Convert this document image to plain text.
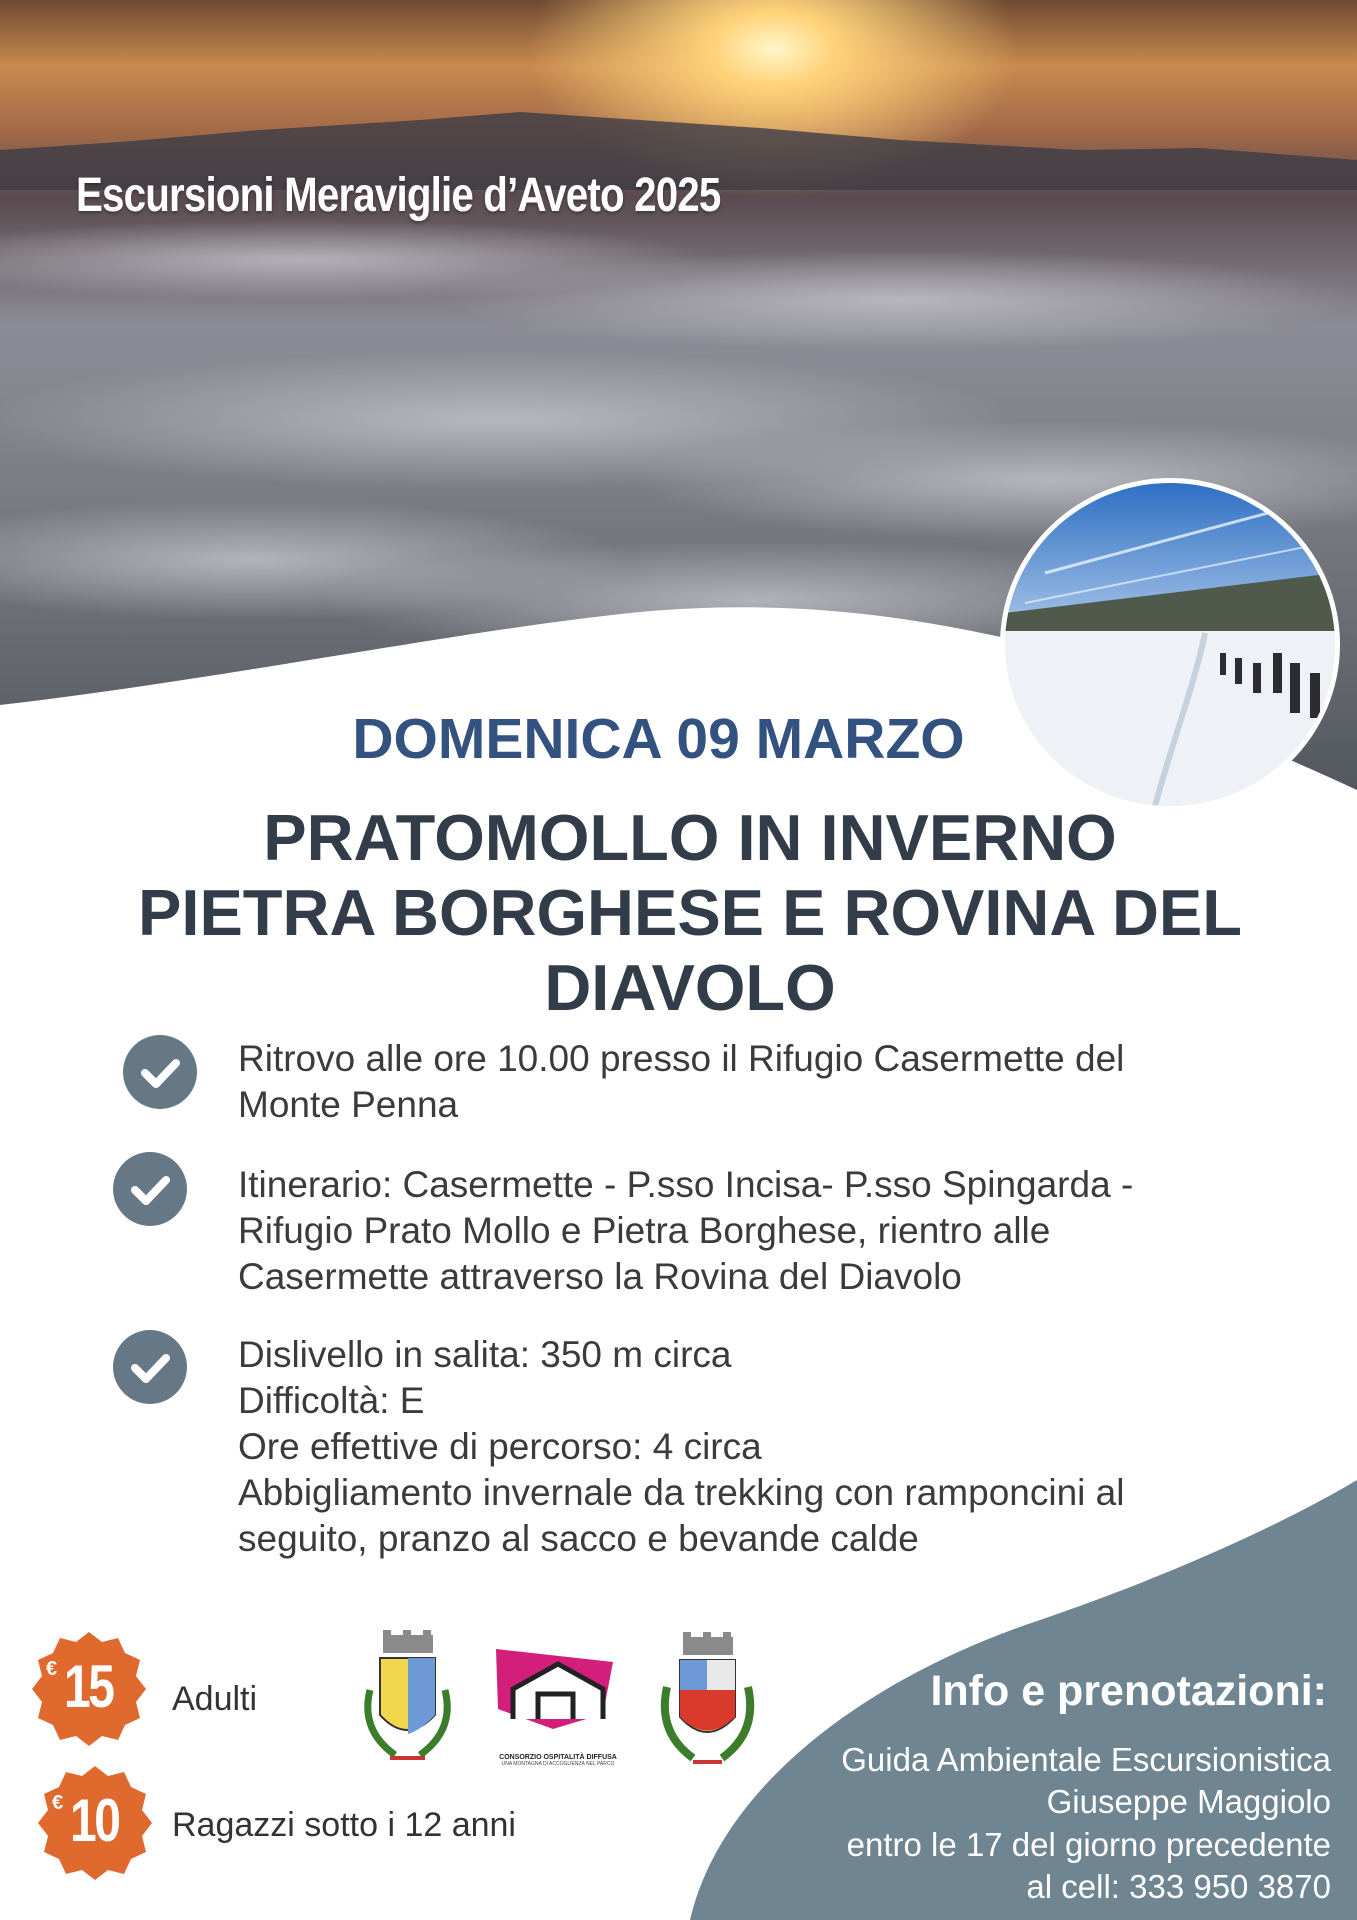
Escursioni Meraviglie d’Aveto 2025
DOMENICA 09 MARZO
PRATOMOLLO IN INVERNO
PIETRA BORGHESE E ROVINA DEL
DIAVOLO
Ritrovo alle ore 10.00 presso il Rifugio Casermette del
Monte Penna
Itinerario: Casermette - P.sso Incisa- P.sso Spingarda -
Rifugio Prato Mollo e Pietra Borghese, rientro alle
Casermette attraverso la Rovina del Diavolo
Dislivello in salita: 350 m circa
Difficoltà: E
Ore effettive di percorso: 4 circa
Abbigliamento invernale da trekking con ramponcini al
seguito, pranzo al sacco e bevande calde
€ 15 Adulti
€ 10 Ragazzi sotto i 12 anni
CONSORZIO OSPITALITÀ DIFFUSA
UNA MONTAGNA DI ACCOGLIENZA NEL PARCO
Info e prenotazioni:
Guida Ambientale Escursionistica
Giuseppe Maggiolo
entro le 17 del giorno precedente
al cell: 333 950 3870
